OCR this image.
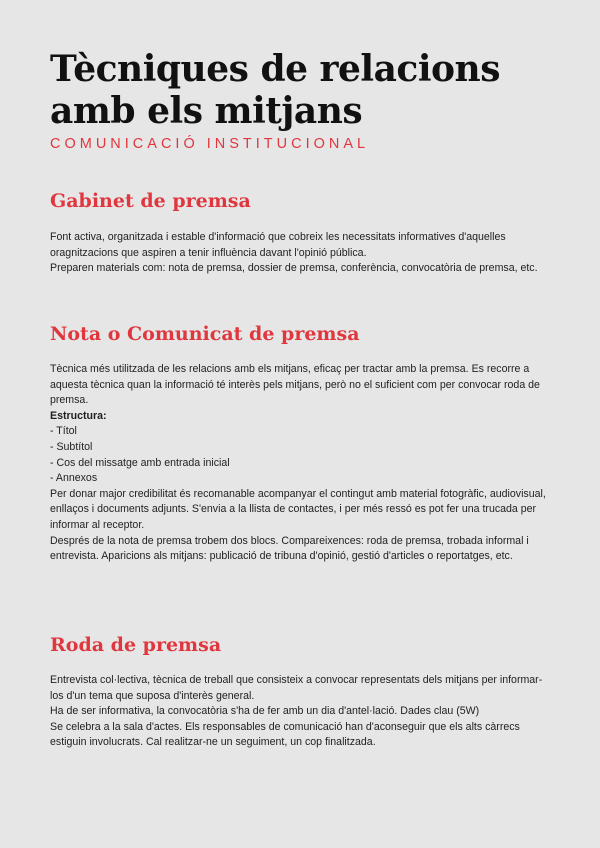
Tècniques de relacions
amb els mitjans
COMUNICACIÓ INSTITUCIONAL
Gabinet de premsa

Font activa, organitzada i estable d'informació que cobreix les necessitats informatives d'aquelles oragnitzacions que aspiren a tenir influència davant l'opinió pública.

Preparen materials com: nota de premsa, dossier de premsa, conferència, convocatòria de premsa, etc.

Nota o Comunicat de premsa

Tècnica més utilitzada de les relacions amb els mitjans, eficaç per tractar amb la premsa. Es recorre a aquesta tècnica quan la informació té interès pels mitjans, però no el suficient com per convocar roda de premsa.

Estructura:

- Títol

- Subtítol

- Cos del missatge amb entrada inicial

- Annexos

Per donar major credibilitat és recomanable acompanyar el contingut amb material fotogràfic, audiovisual, enllaços i documents adjunts. S'envia a la llista de contactes, i per més ressó es pot fer una trucada per informar al receptor.

Després de la nota de premsa trobem dos blocs. Compareixences: roda de premsa, trobada informal i entrevista. Aparicions als mitjans: publicació de tribuna d'opinió, gestió d'articles o reportatges, etc.

Roda de premsa

Entrevista col·lectiva, tècnica de treball que consisteix a convocar representats dels mitjans per informar-los d'un tema que suposa d'interès general.

Ha de ser informativa, la convocatòria s'ha de fer amb un dia d'antel·lació. Dades clau (5W)

Se celebra a la sala d'actes. Els responsables de comunicació han d'aconseguir que els alts càrrecs estiguin involucrats. Cal realitzar-ne un seguiment, un cop finalitzada.
